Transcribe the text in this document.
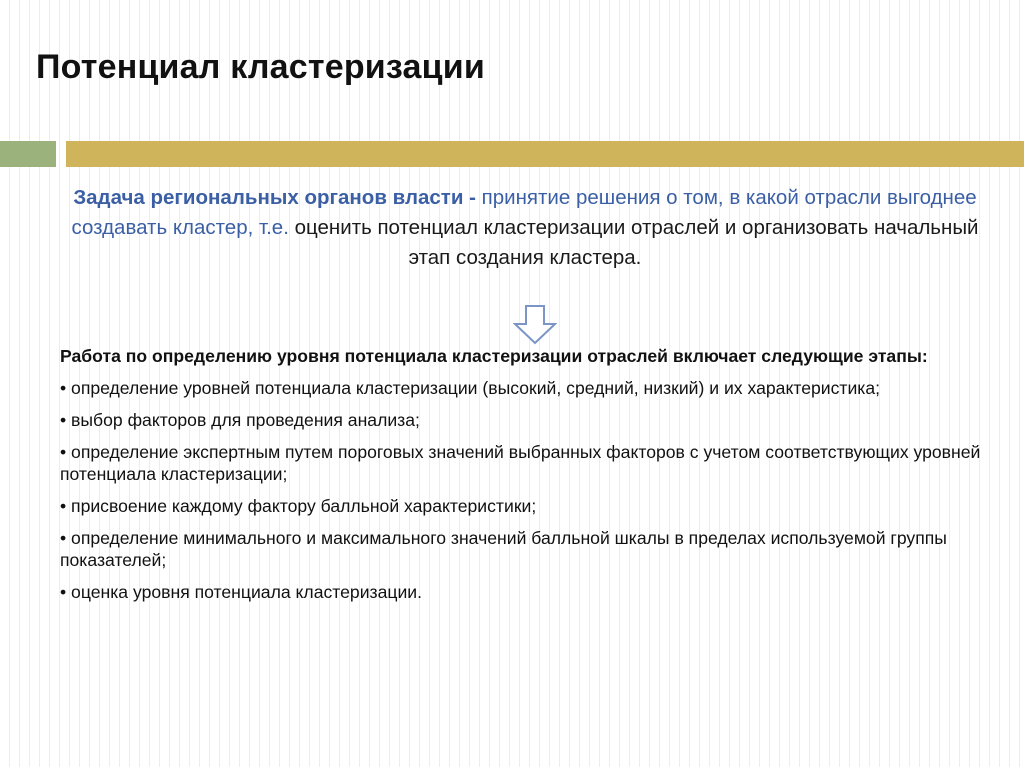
Потенциал кластеризации

Задача региональных органов власти - принятие решения о том, в какой отрасли выгоднее создавать кластер, т.е. оценить потенциал кластеризации отраслей и организовать начальный этап создания кластера.

Работа по определению уровня потенциала кластеризации отраслей включает следующие этапы:

• определение уровней потенциала кластеризации (высокий, средний, низкий) и их характеристика;
• выбор факторов для проведения анализа;
• определение экспертным путем пороговых значений выбранных факторов с учетом соответствующих уровней потенциала кластеризации;
• присвоение каждому фактору балльной характеристики;
• определение минимального и максимального значений балльной шкалы в пределах используемой группы показателей;
• оценка уровня потенциала кластеризации.
